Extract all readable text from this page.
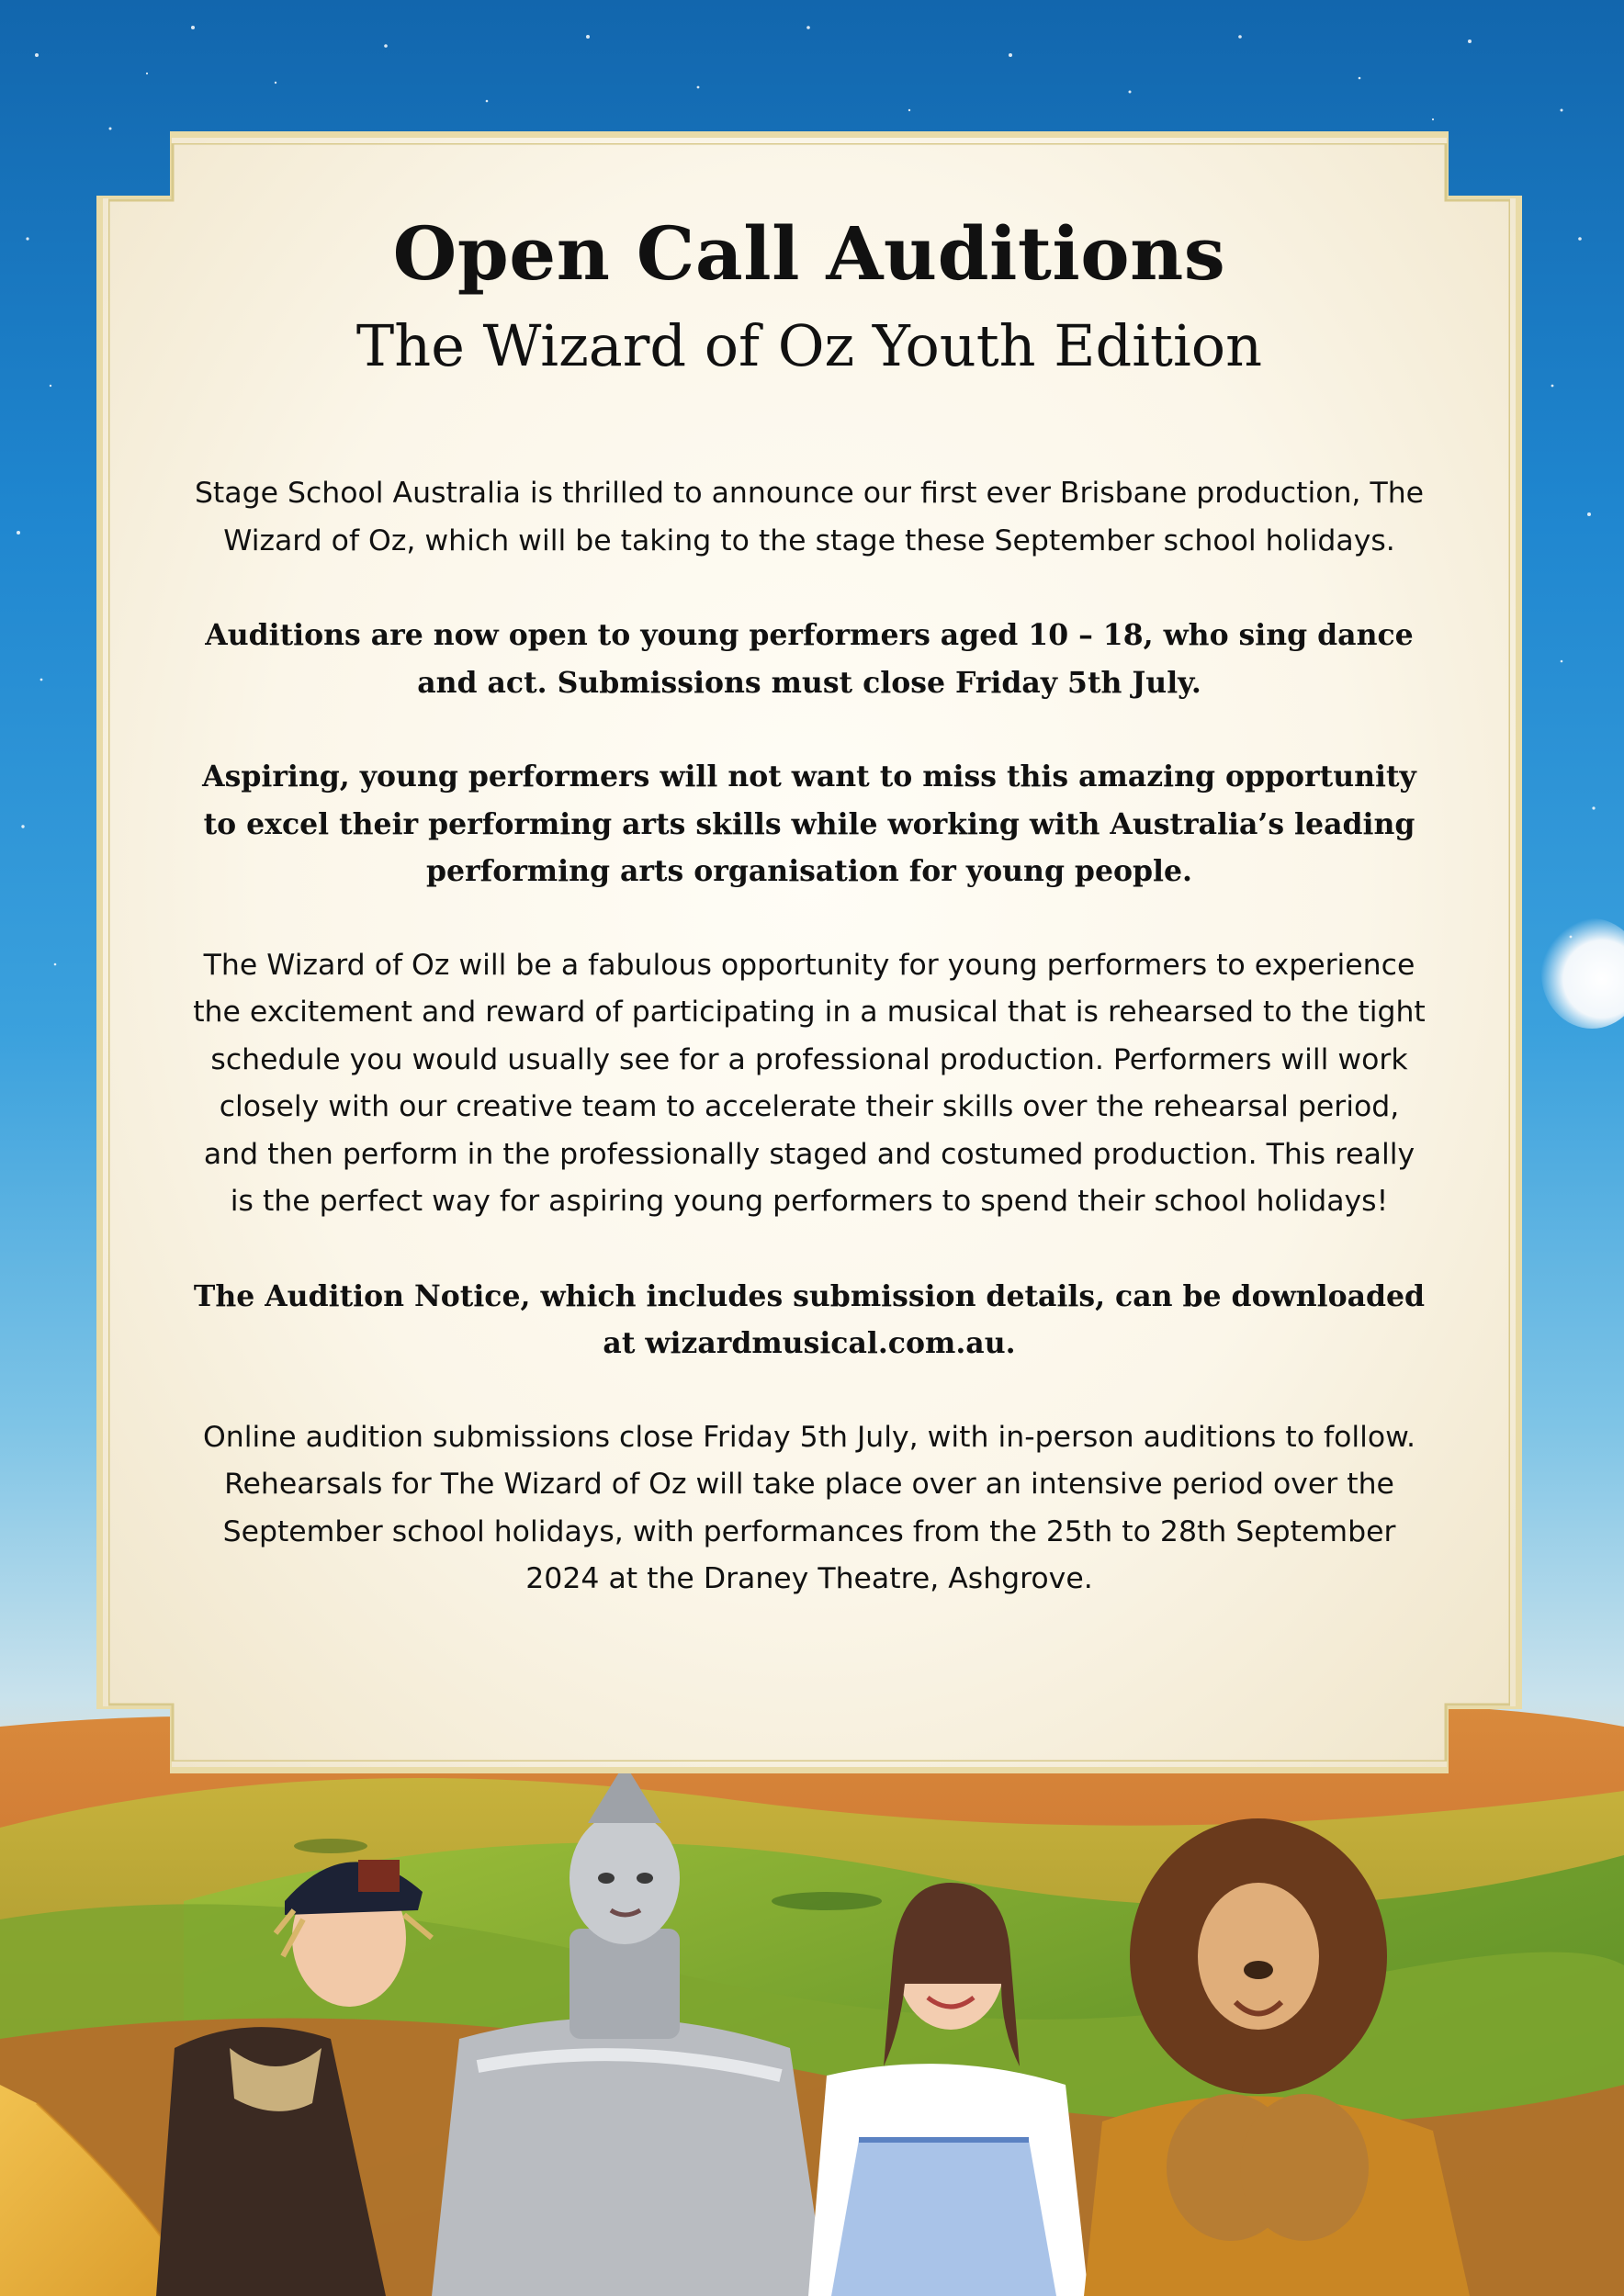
Open Call Auditions
The Wizard of Oz Youth Edition

Stage School Australia is thrilled to announce our first ever Brisbane production, The Wizard of Oz, which will be taking to the stage these September school holidays.

Auditions are now open to young performers aged 10 – 18, who sing dance and act. Submissions must close Friday 5th July.

Aspiring, young performers will not want to miss this amazing opportunity to excel their performing arts skills while working with Australia’s leading performing arts organisation for young people.

The Wizard of Oz will be a fabulous opportunity for young performers to experience the excitement and reward of participating in a musical that is rehearsed to the tight schedule you would usually see for a professional production. Performers will work closely with our creative team to accelerate their skills over the rehearsal period, and then perform in the professionally staged and costumed production. This really is the perfect way for aspiring young performers to spend their school holidays!

The Audition Notice, which includes submission details, can be downloaded at wizardmusical.com.au.

Online audition submissions close Friday 5th July, with in-person auditions to follow. Rehearsals for The Wizard of Oz will take place over an intensive period over the September school holidays, with performances from the 25th to 28th September 2024 at the Draney Theatre, Ashgrove.
